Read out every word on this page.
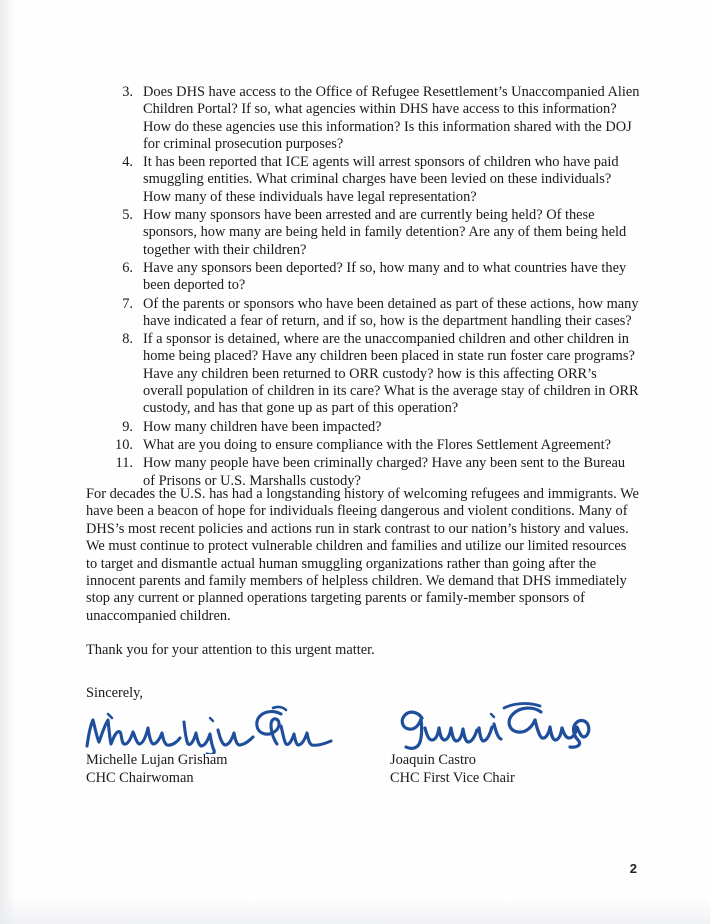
3. Does DHS have access to the Office of Refugee Resettlement’s Unaccompanied Alien Children Portal? If so, what agencies within DHS have access to this information? How do these agencies use this information? Is this information shared with the DOJ for criminal prosecution purposes?
4. It has been reported that ICE agents will arrest sponsors of children who have paid smuggling entities. What criminal charges have been levied on these individuals? How many of these individuals have legal representation?
5. How many sponsors have been arrested and are currently being held? Of these sponsors, how many are being held in family detention? Are any of them being held together with their children?
6. Have any sponsors been deported? If so, how many and to what countries have they been deported to?
7. Of the parents or sponsors who have been detained as part of these actions, how many have indicated a fear of return, and if so, how is the department handling their cases?
8. If a sponsor is detained, where are the unaccompanied children and other children in home being placed? Have any children been placed in state run foster care programs? Have any children been returned to ORR custody? how is this affecting ORR’s overall population of children in its care? What is the average stay of children in ORR custody, and has that gone up as part of this operation?
9. How many children have been impacted?
10. What are you doing to ensure compliance with the Flores Settlement Agreement?
11. How many people have been criminally charged? Have any been sent to the Bureau of Prisons or U.S. Marshalls custody?

For decades the U.S. has had a longstanding history of welcoming refugees and immigrants. We have been a beacon of hope for individuals fleeing dangerous and violent conditions. Many of DHS’s most recent policies and actions run in stark contrast to our nation’s history and values. We must continue to protect vulnerable children and families and utilize our limited resources to target and dismantle actual human smuggling organizations rather than going after the innocent parents and family members of helpless children. We demand that DHS immediately stop any current or planned operations targeting parents or family-member sponsors of unaccompanied children.

Thank you for your attention to this urgent matter.

Sincerely,
Michelle Lujan Grisham
CHC Chairwoman
Joaquin Castro
CHC First Vice Chair
2
